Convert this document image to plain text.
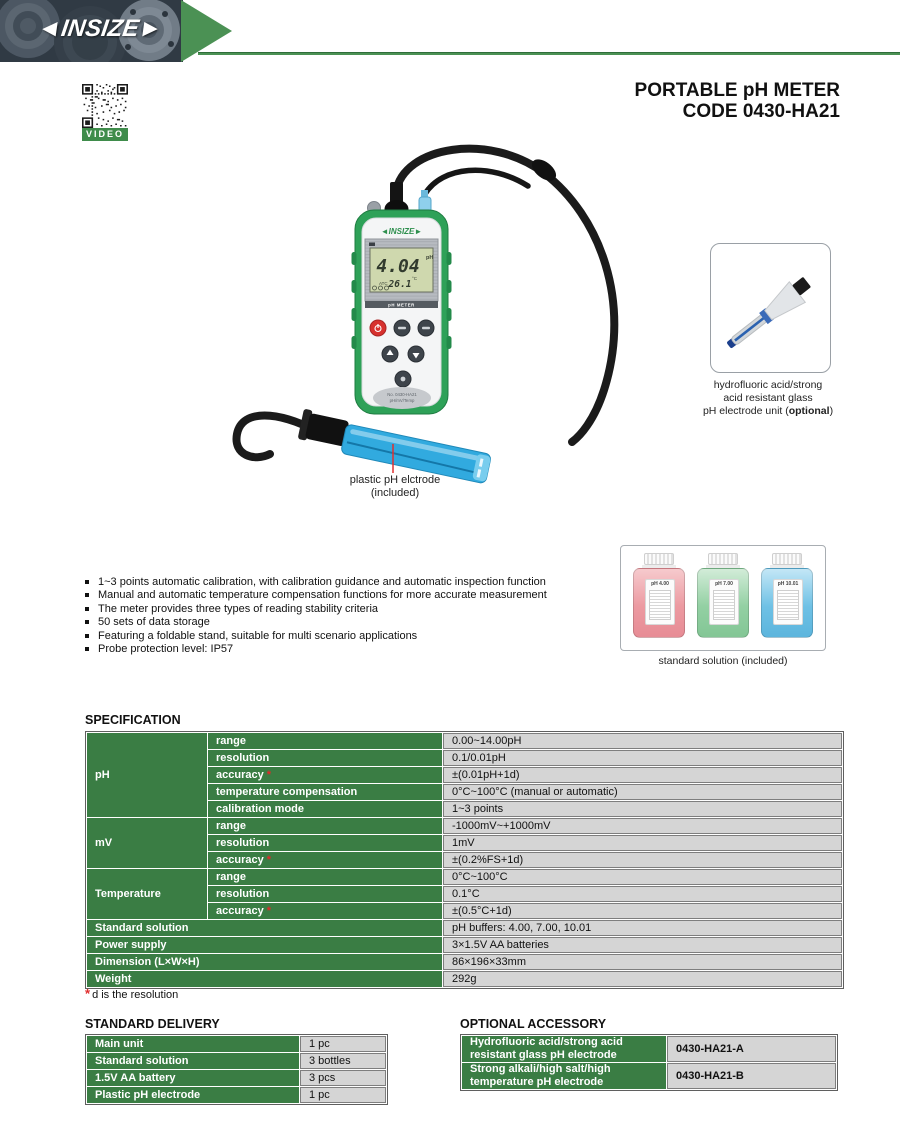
◄INSIZE►
VIDEO
PORTABLE pH METER
CODE 0430-HA21
◄INSIZE►
4.04 pH
ATC 26.1
°C
pH METER
No. 0430-HA21
pH/mV/Temp
plastic pH elctrode
(included)
hydrofluoric acid/strong
acid resistant glass
pH electrode unit (optional)
1~3 points automatic calibration, with calibration guidance and automatic inspection function
Manual and automatic temperature compensation functions for more accurate measurement
The meter provides three types of reading stability criteria
50 sets of data storage
Featuring a foldable stand, suitable for multi scenario applications
Probe protection level: IP57
pH 4.00	pH 7.00	pH 10.01
standard solution (included)
SPECIFICATION
pH	range	0.00~14.00pH
	resolution	0.1/0.01pH
	accuracy *	±(0.01pH+1d)
	temperature compensation	0°C~100°C (manual or automatic)
	calibration mode	1~3 points
mV	range	-1000mV~+1000mV
	resolution	1mV
	accuracy *	±(0.2%FS+1d)
Temperature	range	0°C~100°C
	resolution	0.1°C
	accuracy *	±(0.5°C+1d)
Standard solution		pH buffers: 4.00, 7.00, 10.01
Power supply		3×1.5V AA batteries
Dimension (L×W×H)		86×196×33mm
Weight		292g
* d is the resolution
STANDARD DELIVERY
Main unit	1 pc
Standard solution	3 bottles
1.5V AA battery	3 pcs
Plastic pH electrode	1 pc
OPTIONAL ACCESSORY
Hydrofluoric acid/strong acid resistant glass pH electrode	0430-HA21-A
Strong alkali/high salt/high temperature pH electrode	0430-HA21-B
